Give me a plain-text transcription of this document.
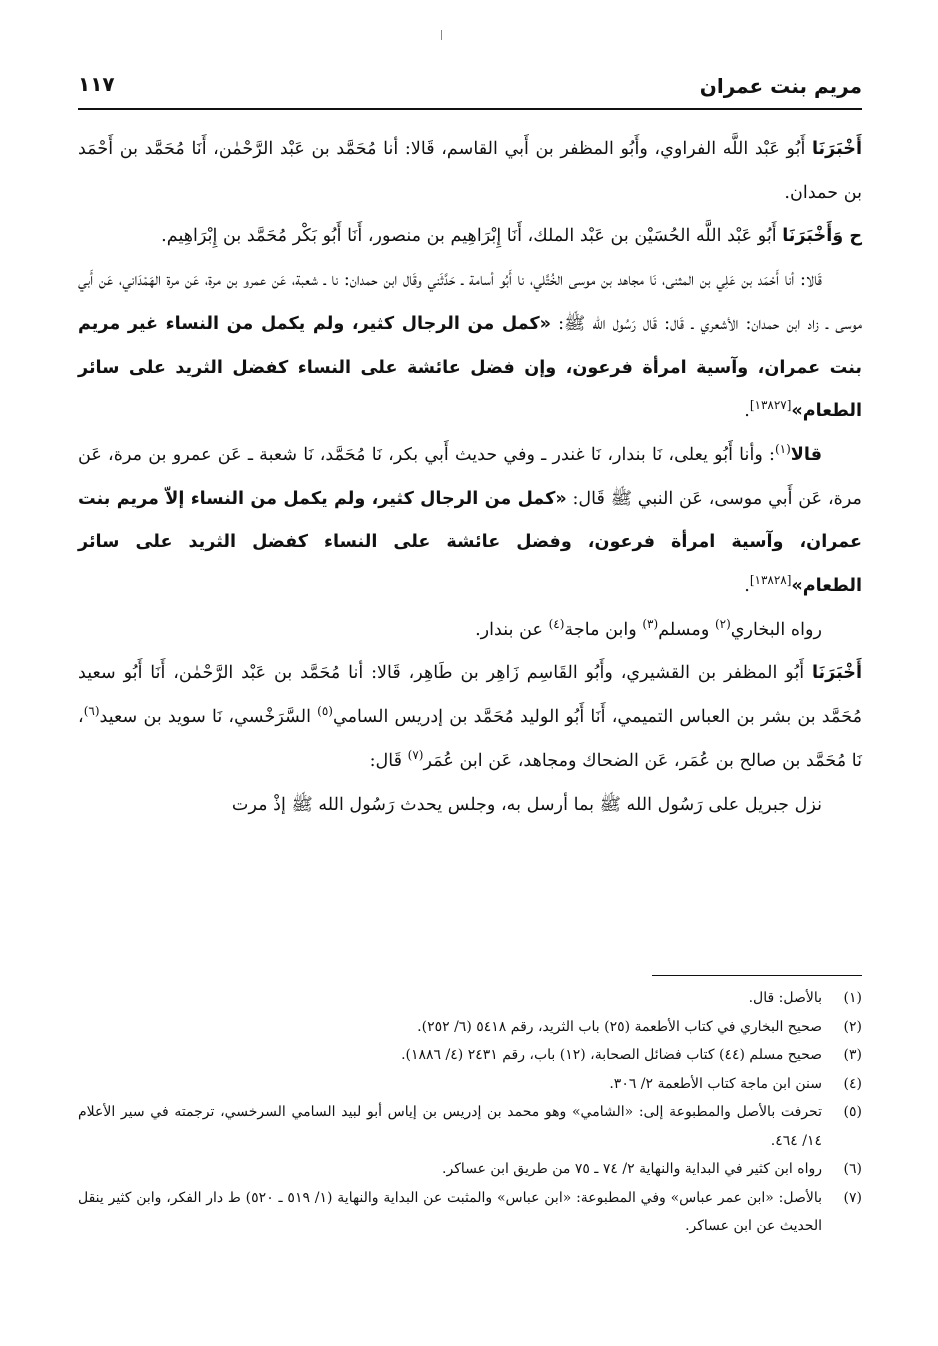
مريم بنت عمران
١١٧

أَخْبَرَنَا أَبُو عَبْد اللَّه الفراوي، وأَبُو المظفر بن أَبي القاسم، قَالا: أنا مُحَمَّد بن عَبْد الرَّحْمٰن، أَنَا مُحَمَّد بن أَحْمَد بن حمدان.

ح وَأَخْبَرَنَا أَبُو عَبْد اللَّه الحُسَيْن بن عَبْد الملك، أَنَا إِبْرَاهِيم بن منصور، أَنَا أَبُو بَكْر مُحَمَّد بن إِبْرَاهِيم.

قَالا: أنا أَحْمَد بن عَلِي بن المثنى، نَا مجاهد بن موسى الخُتَّلي، نا أَبُو أسامة ـ حَدَّثَني وقَال ابن حمدان: نا ـ شعبة، عَن عمرو بن مرة، عَن مرة الهَمْدَاني، عَن أَبي موسى ـ زاد ابن حمدان: الأشعري ـ قَال: قَال رَسُول الله ﷺ: «كمل من الرجال كثير، ولم يكمل من النساء غير مريم بنت عمران، وآسية امرأة فرعون، وإن فضل عائشة على النساء كفضل الثريد على سائر الطعام»[١٣٨٢٧].

قالا$^{(١)}$: وأنا أَبُو يعلى، نَا بندار، نَا غندر ـ وفي حديث أَبي بكر، نَا مُحَمَّد، نَا شعبة ـ عَن عمرو بن مرة، عَن مرة، عَن أَبي موسى، عَن النبي ﷺ قَال: «كمل من الرجال كثير، ولم يكمل من النساء إلاّ مريم بنت عمران، وآسية امرأة فرعون، وفضل عائشة على النساء كفضل الثريد على سائر الطعام»[١٣٨٢٨].

رواه البخاري$^{(٢)}$ ومسلم$^{(٣)}$ وابن ماجة$^{(٤)}$ عن بندار.

أَخْبَرَنَا أَبُو المظفر بن القشيري، وأَبُو القَاسِم زَاهِر بن طَاهِر، قَالا: أنا مُحَمَّد بن عَبْد الرَّحْمٰن، أَنَا أَبُو سعيد مُحَمَّد بن بشر بن العباس التميمي، أَنَا أَبُو الوليد مُحَمَّد بن إدريس السامي$^{(٥)}$ السَّرَخْسي، نَا سويد بن سعيد$^{(٦)}$، نَا مُحَمَّد بن صالح بن عُمَر، عَن الضحاك ومجاهد، عَن ابن عُمَر$^{(٧)}$ قَال:

نزل جبريل على رَسُول الله ﷺ بما أرسل به، وجلس يحدث رَسُول الله ﷺ إذْ مرت

(١)
بالأصل: قال.
(٢)
صحيح البخاري في كتاب الأطعمة (٢٥) باب الثريد، رقم ٥٤١٨ (٦/ ٢٥٢).
(٣)
صحيح مسلم (٤٤) كتاب فضائل الصحابة، (١٢) باب، رقم ٢٤٣١ (٤/ ١٨٨٦).
(٤)
سنن ابن ماجة كتاب الأطعمة ٢/ ٣٠٦.
(٥)
تحرفت بالأصل والمطبوعة إلى: «الشامي» وهو محمد بن إدريس بن إياس أبو لبيد السامي السرخسي، ترجمته في سير الأعلام ١٤/ ٤٦٤.
(٦)
رواه ابن كثير في البداية والنهاية ٢/ ٧٤ ـ ٧٥ من طريق ابن عساكر.
(٧)
بالأصل: «ابن عمر عباس» وفي المطبوعة: «ابن عباس» والمثبت عن البداية والنهاية (١/ ٥١٩ ـ ٥٢٠) ط دار الفكر، وابن كثير ينقل الحديث عن ابن عساكر.
